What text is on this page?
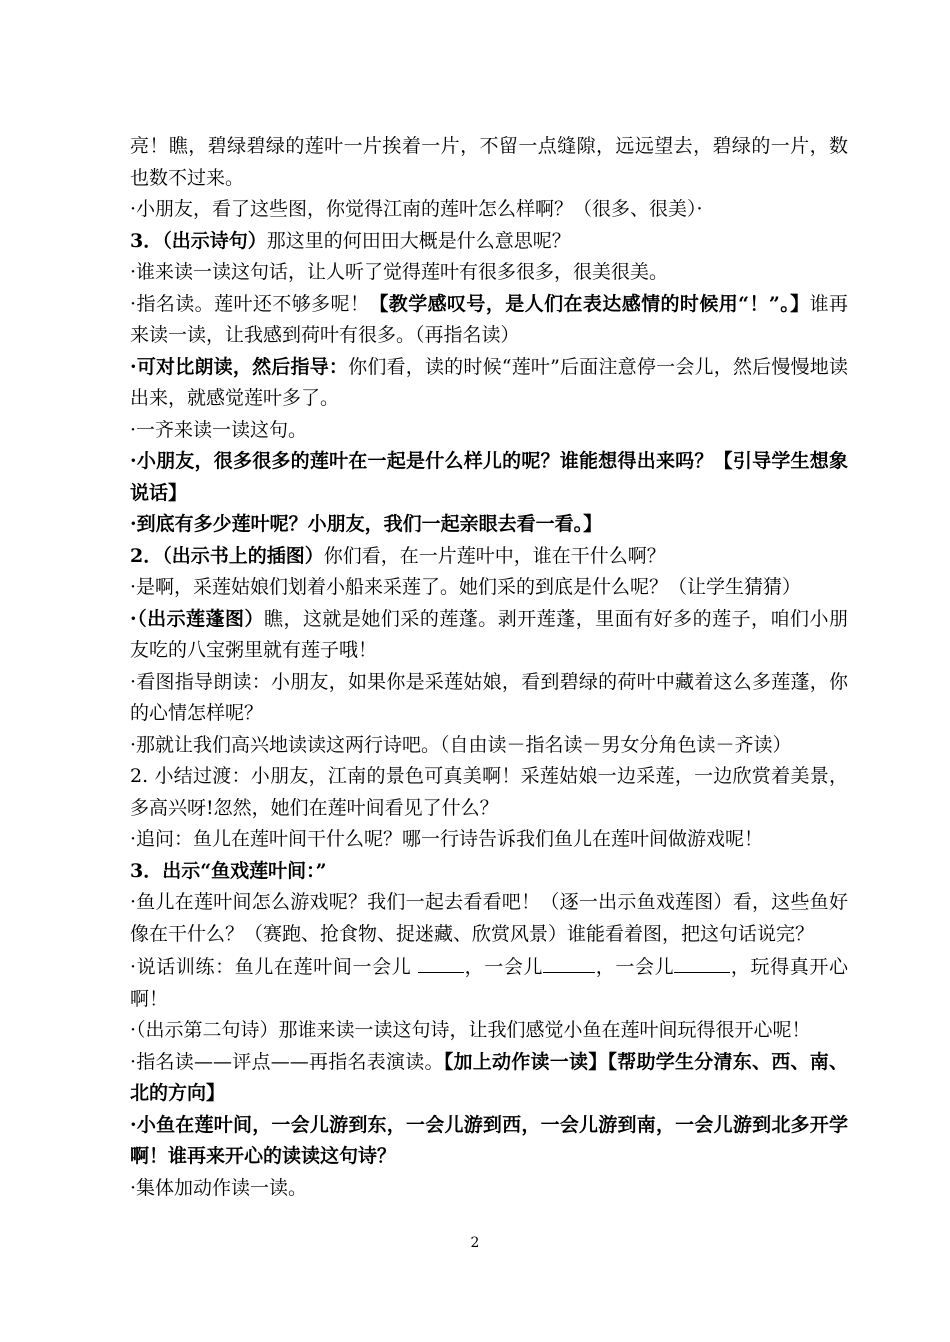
亮！瞧，碧绿碧绿的莲叶一片挨着一片，不留一点缝隙，远远望去，碧绿的一片，数也数不过来。

·小朋友，看了这些图，你觉得江南的莲叶怎么样啊？（很多、很美）·

3．（出示诗句）那这里的何田田大概是什么意思呢？

·谁来读一读这句话，让人听了觉得莲叶有很多很多，很美很美。

·指名读。莲叶还不够多呢！【教学感叹号，是人们在表达感情的时候用“！”。】谁再来读一读，让我感到荷叶有很多。（再指名读）

·可对比朗读，然后指导：你们看，读的时候“莲叶”后面注意停一会儿，然后慢慢地读出来，就感觉莲叶多了。

·一齐来读一读这句。

·小朋友，很多很多的莲叶在一起是什么样儿的呢？谁能想得出来吗？【引导学生想象说话】

·到底有多少莲叶呢？小朋友，我们一起亲眼去看一看。】

2．（出示书上的插图）你们看，在一片莲叶中，谁在干什么啊？

·是啊，采莲姑娘们划着小船来采莲了。她们采的到底是什么呢？（让学生猜猜）

·（出示莲蓬图）瞧，这就是她们采的莲蓬。剥开莲蓬，里面有好多的莲子，咱们小朋友吃的八宝粥里就有莲子哦！

·看图指导朗读：小朋友，如果你是采莲姑娘，看到碧绿的荷叶中藏着这么多莲蓬，你的心情怎样呢？

·那就让我们高兴地读读这两行诗吧。（自由读－指名读－男女分角色读－齐读）

2. 小结过渡：小朋友，江南的景色可真美啊！采莲姑娘一边采莲，一边欣赏着美景，多高兴呀!忽然，她们在莲叶间看见了什么？

·追问：鱼儿在莲叶间干什么呢？哪一行诗告诉我们鱼儿在莲叶间做游戏呢！

3．出示“鱼戏莲叶间：”

·鱼儿在莲叶间怎么游戏呢？我们一起去看看吧！（逐一出示鱼戏莲图）看，这些鱼好像在干什么？（赛跑、抢食物、捉迷藏、欣赏风景）谁能看着图，把这句话说完？

·说话训练：鱼儿在莲叶间一会儿	，一会儿	，一会儿	，玩得真开心啊！

·（出示第二句诗）那谁来读一读这句诗，让我们感觉小鱼在莲叶间玩得很开心呢！

·指名读——评点——再指名表演读。【加上动作读一读】【帮助学生分清东、西、南、北的方向】

·小鱼在莲叶间，一会儿游到东，一会儿游到西，一会儿游到南，一会儿游到北多开学啊！谁再来开心的读读这句诗？

·集体加动作读一读。

2
